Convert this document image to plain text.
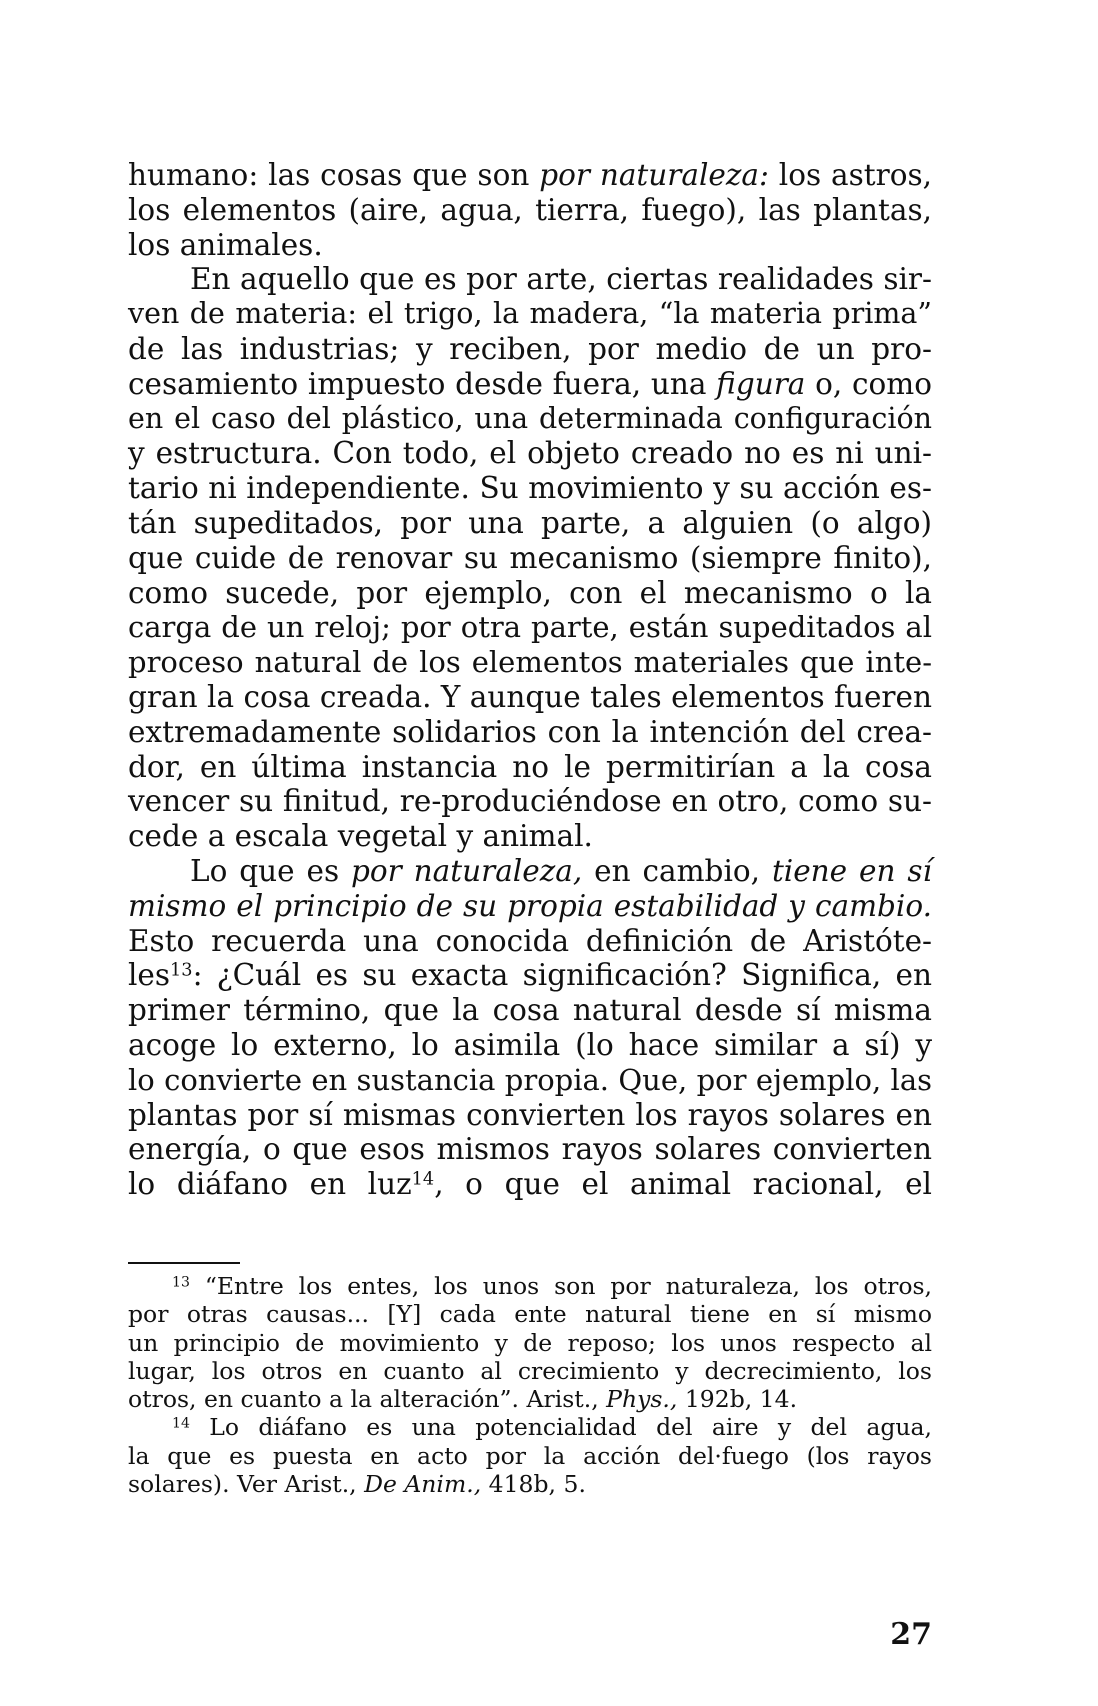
humano: las cosas que son por naturaleza: los astros,
los elementos (aire, agua, tierra, fuego), las plantas,
los animales.
En aquello que es por arte, ciertas realidades sir-
ven de materia: el trigo, la madera, “la materia prima”
de las industrias; y reciben, por medio de un pro-
cesamiento impuesto desde fuera, una figura o, como
en el caso del plástico, una determinada configuración
y estructura. Con todo, el objeto creado no es ni uni-
tario ni independiente. Su movimiento y su acción es-
tán supeditados, por una parte, a alguien (o algo)
que cuide de renovar su mecanismo (siempre finito),
como sucede, por ejemplo, con el mecanismo o la
carga de un reloj; por otra parte, están supeditados al
proceso natural de los elementos materiales que inte-
gran la cosa creada. Y aunque tales elementos fueren
extremadamente solidarios con la intención del crea-
dor, en última instancia no le permitirían a la cosa
vencer su finitud, re-produciéndose en otro, como su-
cede a escala vegetal y animal.
Lo que es por naturaleza, en cambio, tiene en sí
mismo el principio de su propia estabilidad y cambio.
Esto recuerda una conocida definición de Aristóte-
les$^{13}$: ¿Cuál es su exacta significación? Significa, en
primer término, que la cosa natural desde sí misma
acoge lo externo, lo asimila (lo hace similar a sí) y
lo convierte en sustancia propia. Que, por ejemplo, las
plantas por sí mismas convierten los rayos solares en
energía, o que esos mismos rayos solares convierten
lo diáfano en luz$^{14}$, o que el animal racional, el
$^{13}$ “Entre los entes, los unos son por naturaleza, los otros,
por otras causas... [Y] cada ente natural tiene en sí mismo
un principio de movimiento y de reposo; los unos respecto al
lugar, los otros en cuanto al crecimiento y decrecimiento, los
otros, en cuanto a la alteración”. Arist., Phys., 192b, 14.
$^{14}$ Lo diáfano es una potencialidad del aire y del agua,
la que es puesta en acto por la acción del·fuego (los rayos
solares). Ver Arist., De Anim., 418b, 5.
27
